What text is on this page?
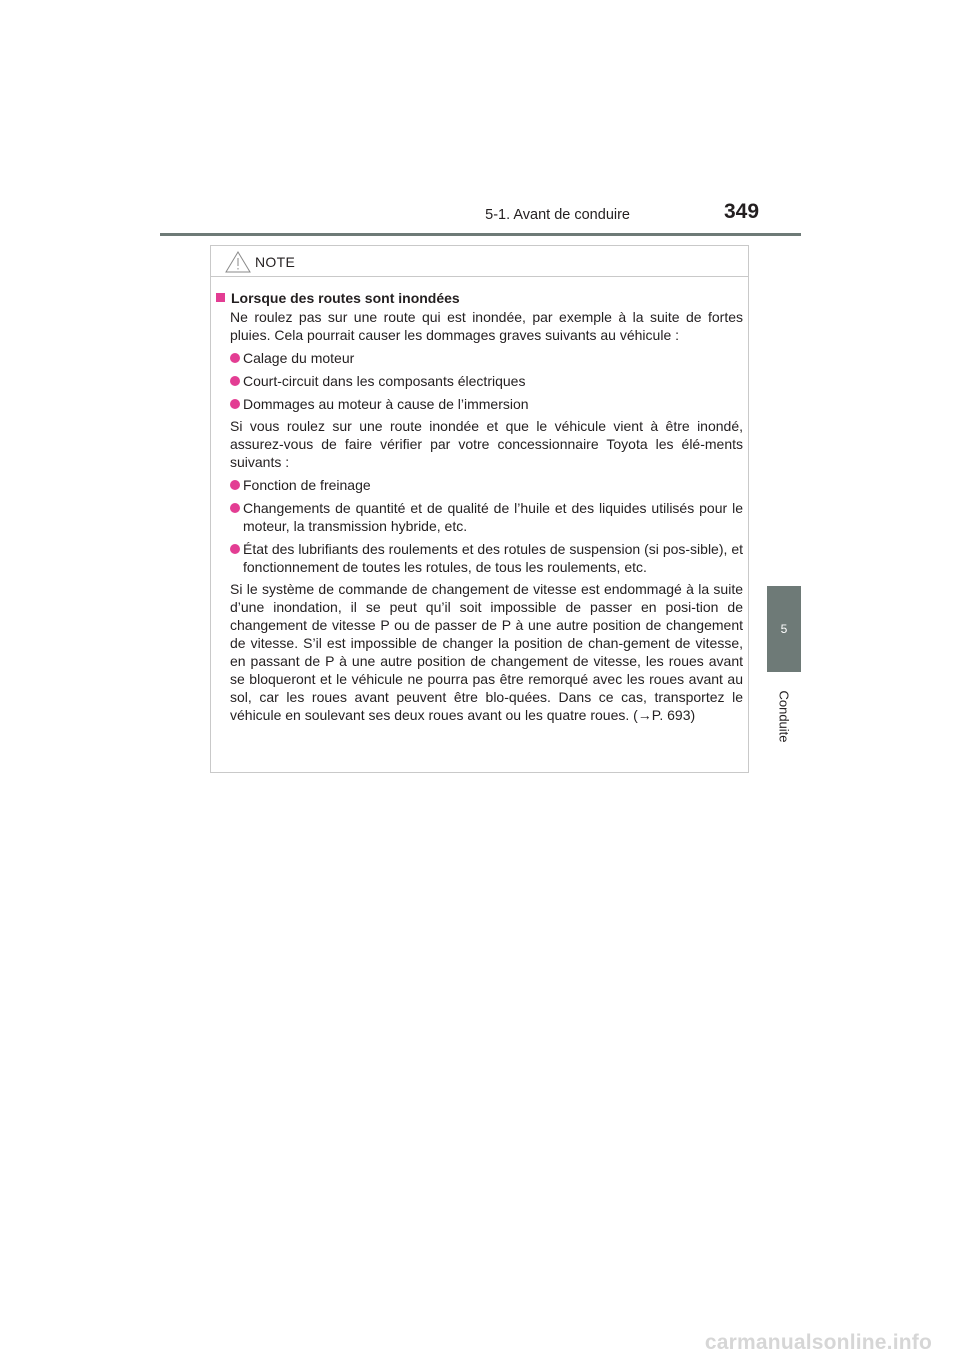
5-1. Avant de conduire	349
5
Conduite
NOTE
Lorsque des routes sont inondées
Ne roulez pas sur une route qui est inondée, par exemple à la suite de fortes pluies. Cela pourrait causer les dommages graves suivants au véhicule :
Calage du moteur
Court-circuit dans les composants électriques
Dommages au moteur à cause de l’immersion
Si vous roulez sur une route inondée et que le véhicule vient à être inondé, assurez-vous de faire vérifier par votre concessionnaire Toyota les élé-ments suivants :
Fonction de freinage
Changements de quantité et de qualité de l’huile et des liquides utilisés pour le moteur, la transmission hybride, etc.
État des lubrifiants des roulements et des rotules de suspension (si pos-sible), et fonctionnement de toutes les rotules, de tous les roulements, etc.
Si le système de commande de changement de vitesse est endommagé à la suite d’une inondation, il se peut qu’il soit impossible de passer en posi-tion de changement de vitesse P ou de passer de P à une autre position de changement de vitesse. S’il est impossible de changer la position de chan-gement de vitesse, en passant de P à une autre position de changement de vitesse, les roues avant se bloqueront et le véhicule ne pourra pas être remorqué avec les roues avant au sol, car les roues avant peuvent être blo-quées. Dans ce cas, transportez le véhicule en soulevant ses deux roues avant ou les quatre roues. (→P. 693)
carmanualsonline.info
